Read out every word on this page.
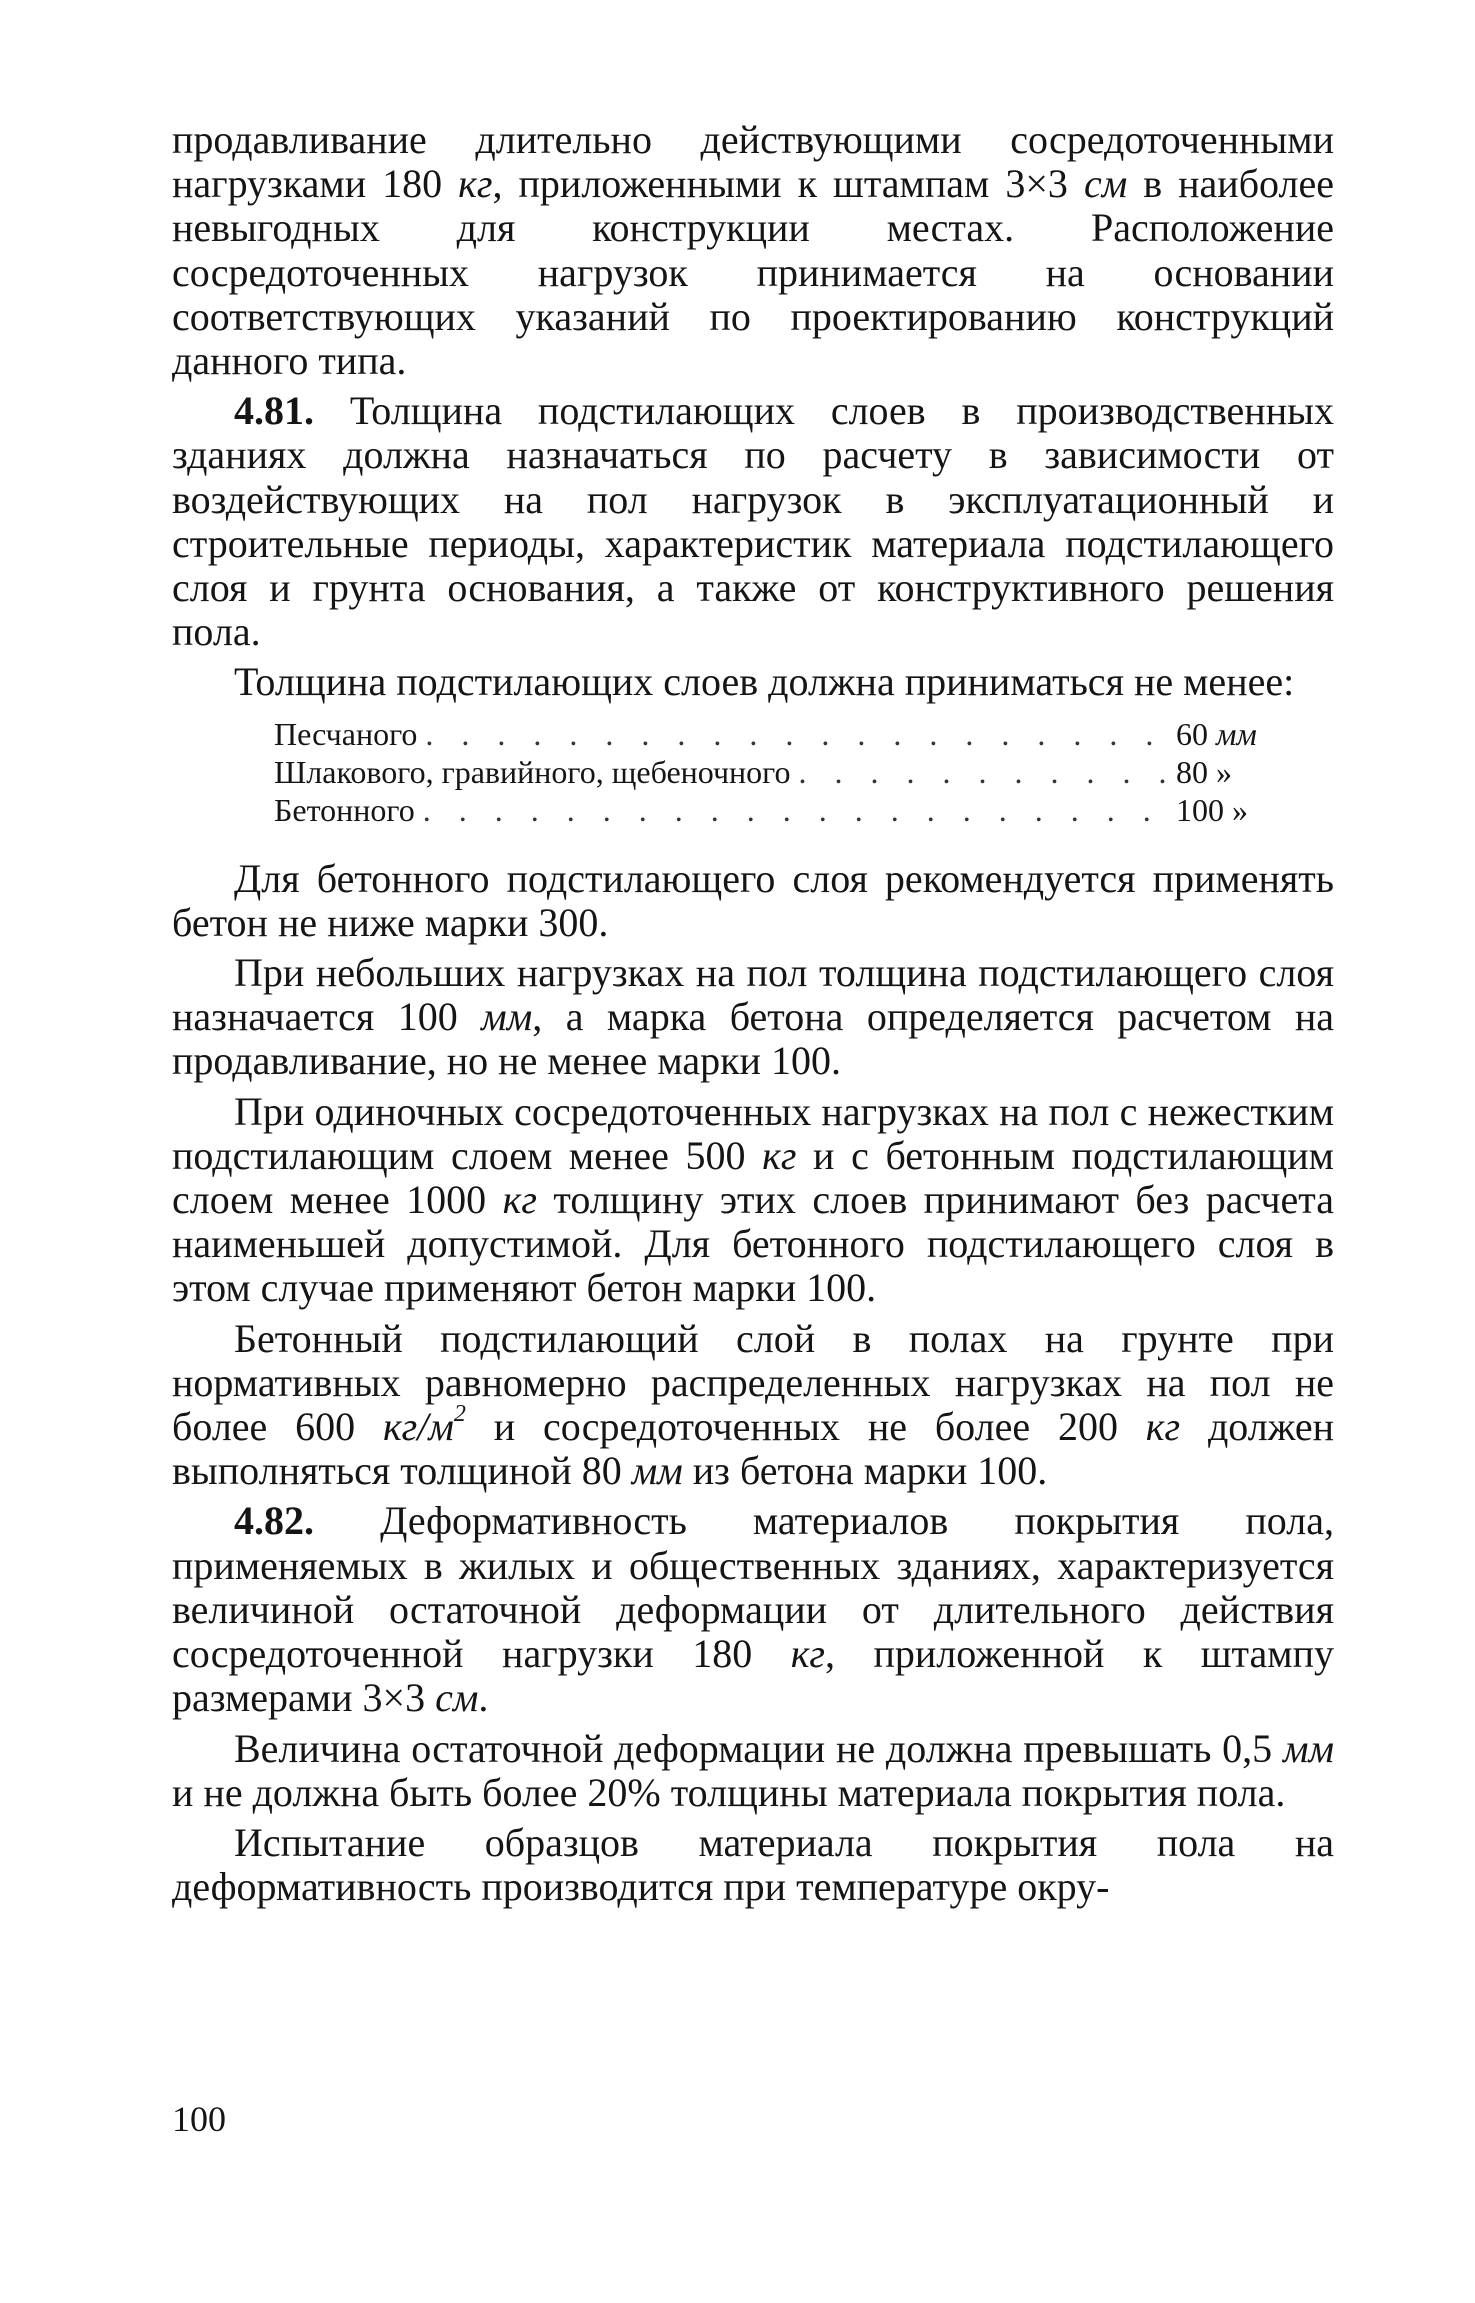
продавливание длительно действующими сосредоточенными нагрузками 180 кг, приложенными к штампам 3×3 см в наиболее невыгодных для конструкции местах. Расположение сосредоточенных нагрузок принимается на основании соответствующих указаний по проектированию конструкций данного типа.

4.81. Толщина подстилающих слоев в производственных зданиях должна назначаться по расчету в зависимости от воздействующих на пол нагрузок в эксплуатационный и строительные периоды, характеристик материала подстилающего слоя и грунта основания, а также от конструктивного решения пола.

Толщина подстилающих слоев должна приниматься не менее:

Песчаного . . .	60 мм
Шлакового, гравийного, щебеночного . . .	80 »
Бетонного . . .	100 »

Для бетонного подстилающего слоя рекомендуется применять бетон не ниже марки 300.

При небольших нагрузках на пол толщина подстилающего слоя назначается 100 мм, а марка бетона определяется расчетом на продавливание, но не менее марки 100.

При одиночных сосредоточенных нагрузках на пол с нежестким подстилающим слоем менее 500 кг и с бетонным подстилающим слоем менее 1000 кг толщину этих слоев принимают без расчета наименьшей допустимой. Для бетонного подстилающего слоя в этом случае применяют бетон марки 100.

Бетонный подстилающий слой в полах на грунте при нормативных равномерно распределенных нагрузках на пол не более 600 $кг/м^2$ и сосредоточенных не более 200 кг должен выполняться толщиной 80 мм из бетона марки 100.

4.82. Деформативность материалов покрытия пола, применяемых в жилых и общественных зданиях, характеризуется величиной остаточной деформации от длительного действия сосредоточенной нагрузки 180 кг, приложенной к штампу размерами 3×3 см.

Величина остаточной деформации не должна превышать 0,5 мм и не должна быть более 20% толщины материала покрытия пола.

Испытание образцов материала покрытия пола на деформативность производится при температуре окру-

100
